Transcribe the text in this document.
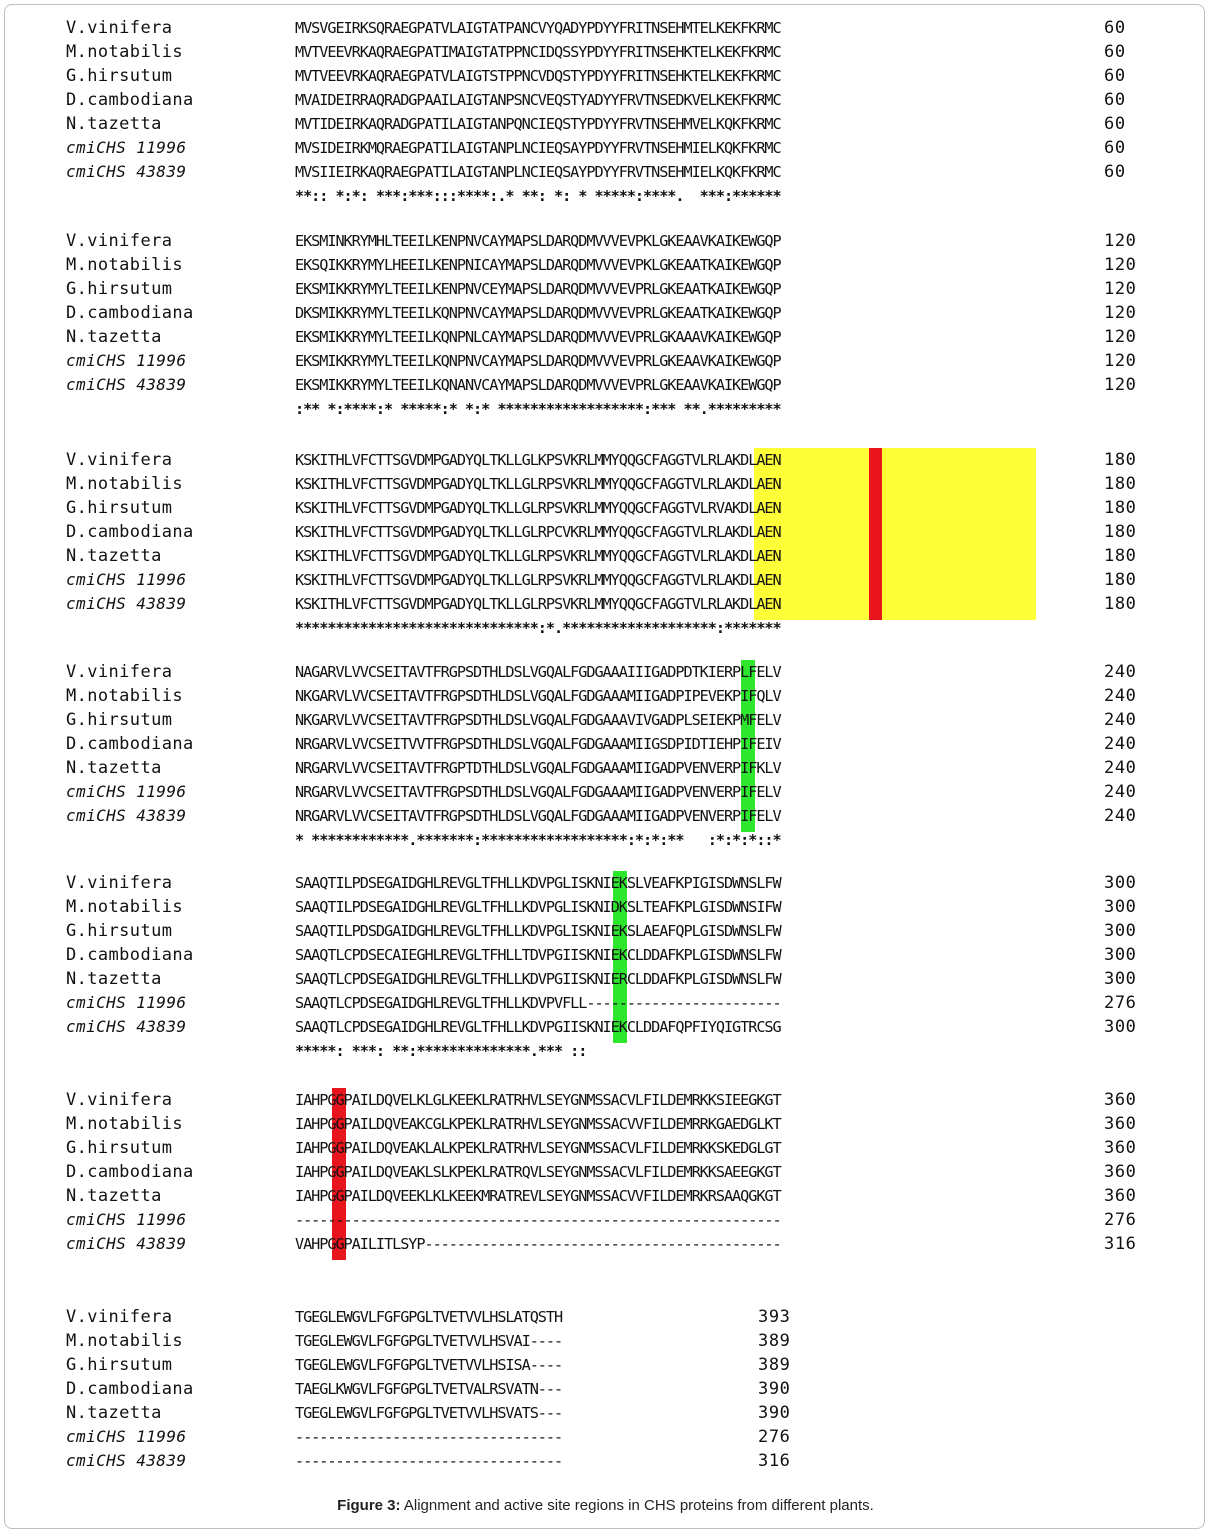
V.vinifera	MVSVGEIRKSQRAEGPATVLAIGTATPANCVYQADYPDYYFRITNSEHMTELKEKFKRMC	60
M.notabilis	MVTVEEVRKAQRAEGPATIMAIGTATPPNCIDQSSYPDYYFRITNSEHKTELKEKFKRMC	60
G.hirsutum	MVTVEEVRKAQRAEGPATVLAIGTSTPPNCVDQSTYPDYYFRITNSEHKTELKEKFKRMC	60
D.cambodiana	MVAIDEIRRAQRADGPAAILAIGTANPSNCVEQSTYADYYFRVTNSEDKVELKEKFKRMC	60
N.tazetta	MVTIDEIRKAQRADGPATILAIGTANPQNCIEQSTYPDYYFRVTNSEHMVELKQKFKRMC	60
cmiCHS 11996	MVSIDEIRKMQRAEGPATILAIGTANPLNCIEQSAYPDYYFRVTNSEHMIELKQKFKRMC	60
cmiCHS 43839	MVSIIEIRKAQRAEGPATILAIGTANPLNCIEQSAYPDYYFRVTNSEHMIELKQKFKRMC	60
**:: *:*: ***:***:::****:.* **: *: * *****:****.  ***:******
V.vinifera	EKSMINKRYMHLTEEILKENPNVCAYMAPSLDARQDMVVVEVPKLGKEAAVKAIKEWGQP	120
M.notabilis	EKSQIKKRYMYLHEEILKENPNICAYMAPSLDARQDMVVVEVPKLGKEAATKAIKEWGQP	120
G.hirsutum	EKSMIKKRYMYLTEEILKENPNVCEYMAPSLDARQDMVVVEVPRLGKEAATKAIKEWGQP	120
D.cambodiana	DKSMIKKRYMYLTEEILKQNPNVCAYMAPSLDARQDMVVVEVPRLGKEAATKAIKEWGQP	120
N.tazetta	EKSMIKKRYMYLTEEILKQNPNLCAYMAPSLDARQDMVVVEVPRLGKAAAVKAIKEWGQP	120
cmiCHS 11996	EKSMIKKRYMYLTEEILKQNPNVCAYMAPSLDARQDMVVVEVPRLGKEAAVKAIKEWGQP	120
cmiCHS 43839	EKSMIKKRYMYLTEEILKQNANVCAYMAPSLDARQDMVVVEVPRLGKEAAVKAIKEWGQP	120
:** *:****:* *****:* *:* ******************:*** **.*********
V.vinifera	KSKITHLVFCTTSGVDMPGADYQLTKLLGLKPSVKRLMMYQQGCFAGGTVLRLAKDLAEN	180
M.notabilis	KSKITHLVFCTTSGVDMPGADYQLTKLLGLRPSVKRLMMYQQGCFAGGTVLRLAKDLAEN	180
G.hirsutum	KSKITHLVFCTTSGVDMPGADYQLTKLLGLRPSVKRLMMYQQGCFAGGTVLRVAKDLAEN	180
D.cambodiana	KSKITHLVFCTTSGVDMPGADYQLTKLLGLRPCVKRLMMYQQGCFAGGTVLRLAKDLAEN	180
N.tazetta	KSKITHLVFCTTSGVDMPGADYQLTKLLGLRPSVKRLMMYQQGCFAGGTVLRLAKDLAEN	180
cmiCHS 11996	KSKITHLVFCTTSGVDMPGADYQLTKLLGLRPSVKRLMMYQQGCFAGGTVLRLAKDLAEN	180
cmiCHS 43839	KSKITHLVFCTTSGVDMPGADYQLTKLLGLRPSVKRLMMYQQGCFAGGTVLRLAKDLAEN	180
******************************:*.*******************:*******
V.vinifera	NAGARVLVVCSEITAVTFRGPSDTHLDSLVGQALFGDGAAAIIIGADPDTKIERPLFELV	240
M.notabilis	NKGARVLVVCSEITAVTFRGPSDTHLDSLVGQALFGDGAAAMIIGADPIPEVEKPIFQLV	240
G.hirsutum	NKGARVLVVCSEITAVTFRGPSDTHLDSLVGQALFGDGAAAVIVGADPLSEIEKPMFELV	240
D.cambodiana	NRGARVLVVCSEITVVTFRGPSDTHLDSLVGQALFGDGAAAMIIGSDPIDTIEHPIFEIV	240
N.tazetta	NRGARVLVVCSEITAVTFRGPTDTHLDSLVGQALFGDGAAAMIIGADPVENVERPIFKLV	240
cmiCHS 11996	NRGARVLVVCSEITAVTFRGPSDTHLDSLVGQALFGDGAAAMIIGADPVENVERPIFELV	240
cmiCHS 43839	NRGARVLVVCSEITAVTFRGPSDTHLDSLVGQALFGDGAAAMIIGADPVENVERPIFELV	240
* ************.*******:******************:*:*:**   :*:*:*::*
V.vinifera	SAAQTILPDSEGAIDGHLREVGLTFHLLKDVPGLISKNIEKSLVEAFKPIGISDWNSLFW	300
M.notabilis	SAAQTILPDSEGAIDGHLREVGLTFHLLKDVPGLISKNIDKSLTEAFKPLGISDWNSIFW	300
G.hirsutum	SAAQTILPDSDGAIDGHLREVGLTFHLLKDVPGLISKNIEKSLAEAFQPLGISDWNSLFW	300
D.cambodiana	SAAQTLCPDSECAIEGHLREVGLTFHLLTDVPGIISKNIEKCLDDAFKPLGISDWNSLFW	300
N.tazetta	SAAQTLCPDSEGAIDGHLREVGLTFHLLKDVPGIISKNIERCLDDAFKPLGISDWNSLFW	300
cmiCHS 11996	SAAQTLCPDSEGAIDGHLREVGLTFHLLKDVPVFLL------------------------	276
cmiCHS 43839	SAAQTLCPDSEGAIDGHLREVGLTFHLLKDVPGIISKNIEKCLDDAFQPFIYQIGTRCSG	300
*****: ***: **:**************.*** ::
V.vinifera	IAHPGGPAILDQVELKLGLKEEKLRATRHVLSEYGNMSSACVLFILDEMRKKSIEEGKGT	360
M.notabilis	IAHPGGPAILDQVEAKCGLKPEKLRATRHVLSEYGNMSSACVVFILDEMRRKGAEDGLKT	360
G.hirsutum	IAHPGGPAILDQVEAKLALKPEKLRATRHVLSEYGNMSSACVLFILDEMRKKSKEDGLGT	360
D.cambodiana	IAHPGGPAILDQVEAKLSLKPEKLRATRQVLSEYGNMSSACVLFILDEMRKKSAEEGKGT	360
N.tazetta	IAHPGGPAILDQVEEKLKLKEEKMRATREVLSEYGNMSSACVVFILDEMRKRSAAQGKGT	360
cmiCHS 11996	------------------------------------------------------------	276
cmiCHS 43839	VAHPGGPAILITLSYP--------------------------------------------	316
V.vinifera	TGEGLEWGVLFGFGPGLTVETVVLHSLATQSTH	393
M.notabilis	TGEGLEWGVLFGFGPGLTVETVVLHSVAI----	389
G.hirsutum	TGEGLEWGVLFGFGPGLTVETVVLHSISA----	389
D.cambodiana	TAEGLKWGVLFGFGPGLTVETVALRSVATN---	390
N.tazetta	TGEGLEWGVLFGFGPGLTVETVVLHSVATS---	390
cmiCHS 11996	---------------------------------	276
cmiCHS 43839	---------------------------------	316
Figure 3: Alignment and active site regions in CHS proteins from different plants.
